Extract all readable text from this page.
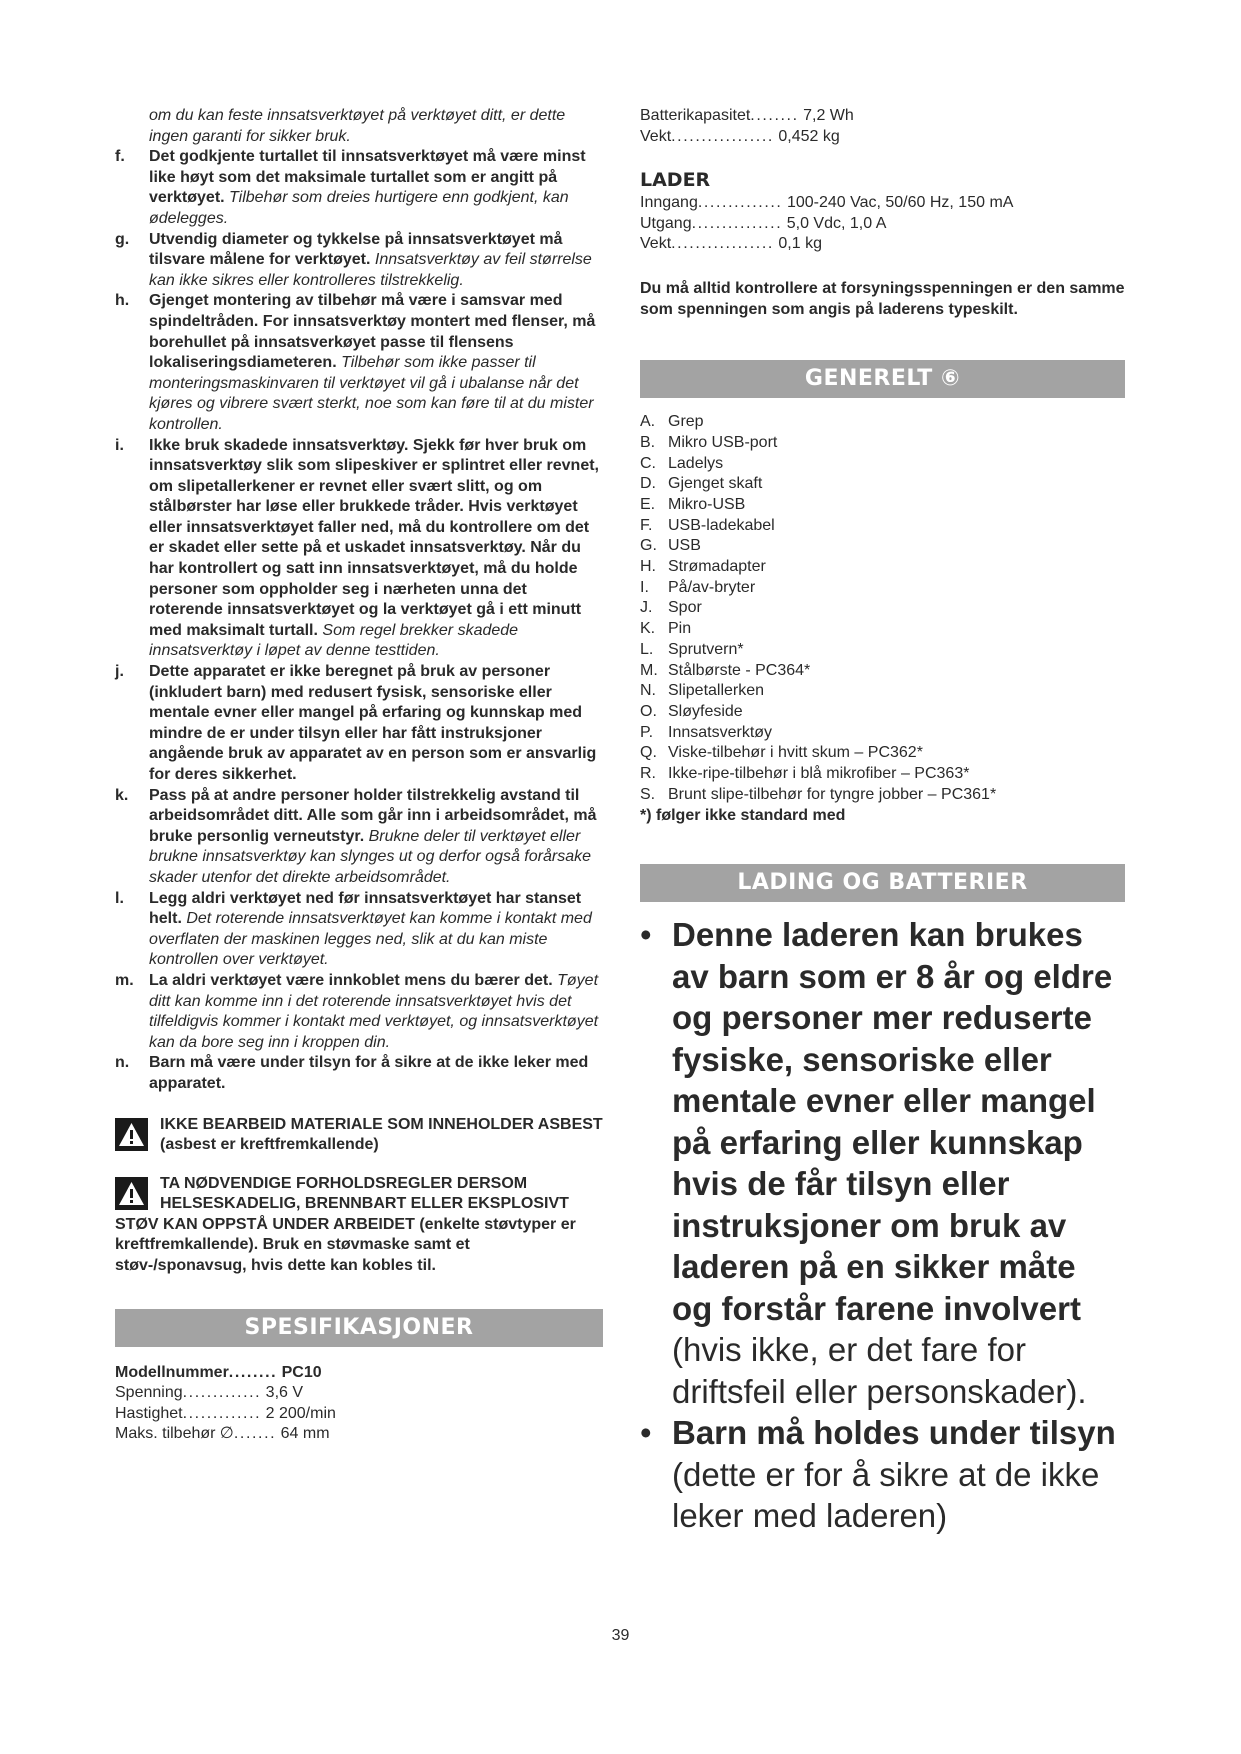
om du kan feste innsatsverktøyet på verktøyet ditt, er dette ingen garanti for sikker bruk.

f. Det godkjente turtallet til innsatsverktøyet må være minst like høyt som det maksimale turtallet som er angitt på verktøyet. Tilbehør som dreies hurtigere enn godkjent, kan ødelegges.
g. Utvendig diameter og tykkelse på innsatsverktøyet må tilsvare målene for verktøyet. Innsatsverktøy av feil størrelse kan ikke sikres eller kontrolleres tilstrekkelig.
h. Gjenget montering av tilbehør må være i samsvar med spindeltråden. For innsatsverktøy montert med flenser, må borehullet på innsatsverkøyet passe til flensens lokaliseringsdiameteren. Tilbehør som ikke passer til monteringsmaskinvaren til verktøyet vil gå i ubalanse når det kjøres og vibrere svært sterkt, noe som kan føre til at du mister kontrollen.
i. Ikke bruk skadede innsatsverktøy. Sjekk før hver bruk om innsatsverktøy slik som slipeskiver er splintret eller revnet, om slipetallerkener er revnet eller svært slitt, og om stålbørster har løse eller brukkede tråder. Hvis verktøyet eller innsatsverktøyet faller ned, må du kontrollere om det er skadet eller sette på et uskadet innsatsverktøy. Når du har kontrollert og satt inn innsatsverktøyet, må du holde personer som oppholder seg i nærheten unna det roterende innsatsverktøyet og la verktøyet gå i ett minutt med maksimalt turtall. Som regel brekker skadede innsatsverktøy i løpet av denne testtiden.
j. Dette apparatet er ikke beregnet på bruk av personer (inkludert barn) med redusert fysisk, sensoriske eller mentale evner eller mangel på erfaring og kunnskap med mindre de er under tilsyn eller har fått instruksjoner angående bruk av apparatet av en person som er ansvarlig for deres sikkerhet.
k. Pass på at andre personer holder tilstrekkelig avstand til arbeidsområdet ditt. Alle som går inn i arbeidsområdet, må bruke personlig verneutstyr. Brukne deler til verktøyet eller brukne innsatsverktøy kan slynges ut og derfor også forårsake skader utenfor det direkte arbeidsområdet.
l. Legg aldri verktøyet ned før innsatsverktøyet har stanset helt. Det roterende innsatsverktøyet kan komme i kontakt med overflaten der maskinen legges ned, slik at du kan miste kontrollen over verktøyet.
m. La aldri verktøyet være innkoblet mens du bærer det. Tøyet ditt kan komme inn i det roterende innsatsverktøyet hvis det tilfeldigvis kommer i kontakt med verktøyet, og innsatsverktøyet kan da bore seg inn i kroppen din.
n. Barn må være under tilsyn for å sikre at de ikke leker med apparatet.
IKKE BEARBEID MATERIALE SOM INNEHOLDER ASBEST (asbest er kreftfremkallende)
TA NØDVENDIGE FORHOLDSREGLER DERSOM HELSESKADELIG, BRENNBART ELLER EKSPLOSIVT STØV KAN OPPSTÅ UNDER ARBEIDET (enkelte støvtyper er kreftfremkallende). Bruk en støvmaske samt et støv-/sponavsug, hvis dette kan kobles til.
SPESIFIKASJONER
Modellnummer........ PC10
Spenning............. 3,6 V
Hastighet............. 2 200/min
Maks. tilbehør ∅....... 64 mm
Batterikapasitet........ 7,2 Wh
Vekt................. 0,452 kg
LADER
Inngang.............. 100-240 Vac, 50/60 Hz, 150 mA
Utgang............... 5,0 Vdc, 1,0 A
Vekt................. 0,1 kg
Du må alltid kontrollere at forsyningsspenningen er den samme som spenningen som angis på laderens typeskilt.
GENERELT ⑥
A. Grep
B. Mikro USB-port
C. Ladelys
D. Gjenget skaft
E. Mikro-USB
F. USB-ladekabel
G. USB
H. Strømadapter
I. På/av-bryter
J. Spor
K. Pin
L. Sprutvern*
M. Stålbørste - PC364*
N. Slipetallerken
O. Sløyfeside
P. Innsatsverktøy
Q. Viske-tilbehør i hvitt skum – PC362*
R. Ikke-ripe-tilbehør i blå mikrofiber – PC363*
S. Brunt slipe-tilbehør for tyngre jobber – PC361*
*) følger ikke standard med
LADING OG BATTERIER
• Denne laderen kan brukes av barn som er 8 år og eldre og personer mer reduserte fysiske, sensoriske eller mentale evner eller mangel på erfaring eller kunnskap hvis de får tilsyn eller instruksjoner om bruk av laderen på en sikker måte og forstår farene involvert (hvis ikke, er det fare for driftsfeil eller personskader).
• Barn må holdes under tilsyn (dette er for å sikre at de ikke leker med laderen)
39
